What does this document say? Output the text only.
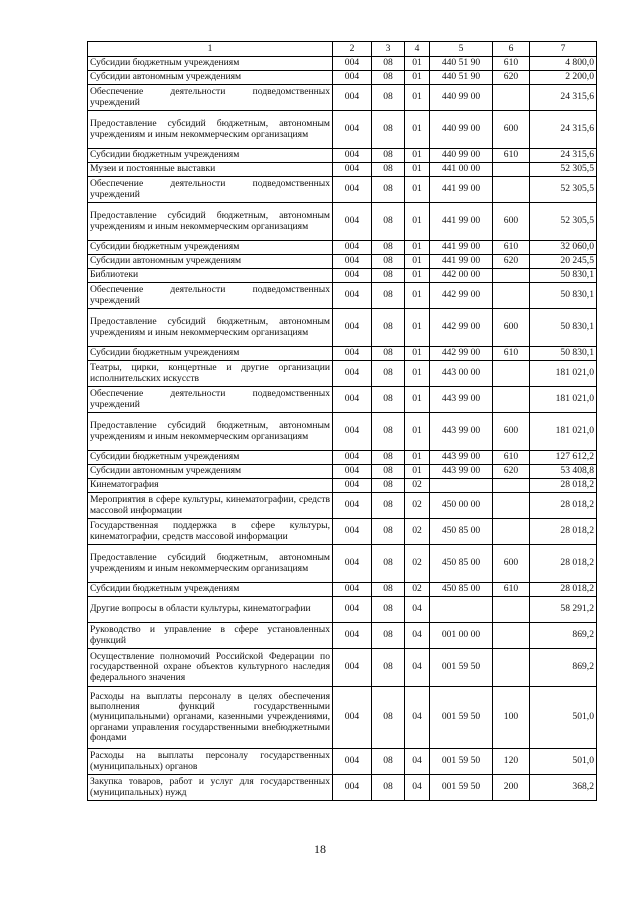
1	2	3	4	5	6	7
Субсидии бюджетным учреждениям	004	08	01	440 51 90	610	4 800,0
Субсидии автономным учреждениям	004	08	01	440 51 90	620	2 200,0
Обеспечение деятельности подведомственных учреждений	004	08	01	440 99 00		24 315,6
Предоставление субсидий бюджетным, автономным учреждениям и иным некоммерческим организациям	004	08	01	440 99 00	600	24 315,6
Субсидии бюджетным учреждениям	004	08	01	440 99 00	610	24 315,6
Музеи и постоянные выставки	004	08	01	441 00 00		52 305,5
Обеспечение деятельности подведомственных учреждений	004	08	01	441 99 00		52 305,5
Предоставление субсидий бюджетным, автономным учреждениям и иным некоммерческим организациям	004	08	01	441 99 00	600	52 305,5
Субсидии бюджетным учреждениям	004	08	01	441 99 00	610	32 060,0
Субсидии автономным учреждениям	004	08	01	441 99 00	620	20 245,5
Библиотеки	004	08	01	442 00 00		50 830,1
Обеспечение деятельности подведомственных учреждений	004	08	01	442 99 00		50 830,1
Предоставление субсидий бюджетным, автономным учреждениям и иным некоммерческим организациям	004	08	01	442 99 00	600	50 830,1
Субсидии бюджетным учреждениям	004	08	01	442 99 00	610	50 830,1
Театры, цирки, концертные и другие организации исполнительских искусств	004	08	01	443 00 00		181 021,0
Обеспечение деятельности подведомственных учреждений	004	08	01	443 99 00		181 021,0
Предоставление субсидий бюджетным, автономным учреждениям и иным некоммерческим организациям	004	08	01	443 99 00	600	181 021,0
Субсидии бюджетным учреждениям	004	08	01	443 99 00	610	127 612,2
Субсидии автономным учреждениям	004	08	01	443 99 00	620	53 408,8
Кинематография	004	08	02			28 018,2
Мероприятия в сфере культуры, кинематографии, средств массовой информации	004	08	02	450 00 00		28 018,2
Государственная поддержка в сфере культуры, кинематографии, средств массовой информации	004	08	02	450 85 00		28 018,2
Предоставление субсидий бюджетным, автономным учреждениям и иным некоммерческим организациям	004	08	02	450 85 00	600	28 018,2
Субсидии бюджетным учреждениям	004	08	02	450 85 00	610	28 018,2
Другие вопросы в области культуры, кинематографии	004	08	04			58 291,2
Руководство и управление в сфере установленных функций	004	08	04	001 00 00		869,2
Осуществление полномочий Российской Федерации по государственной охране объектов культурного наследия федерального значения	004	08	04	001 59 50		869,2
Расходы на выплаты персоналу в целях обеспечения выполнения функций государственными (муниципальными) органами, казенными учреждениями, органами управления государственными внебюджетными фондами	004	08	04	001 59 50	100	501,0
Расходы на выплаты персоналу государственных (муниципальных) органов	004	08	04	001 59 50	120	501,0
Закупка товаров, работ и услуг для государственных (муниципальных) нужд	004	08	04	001 59 50	200	368,2
18
